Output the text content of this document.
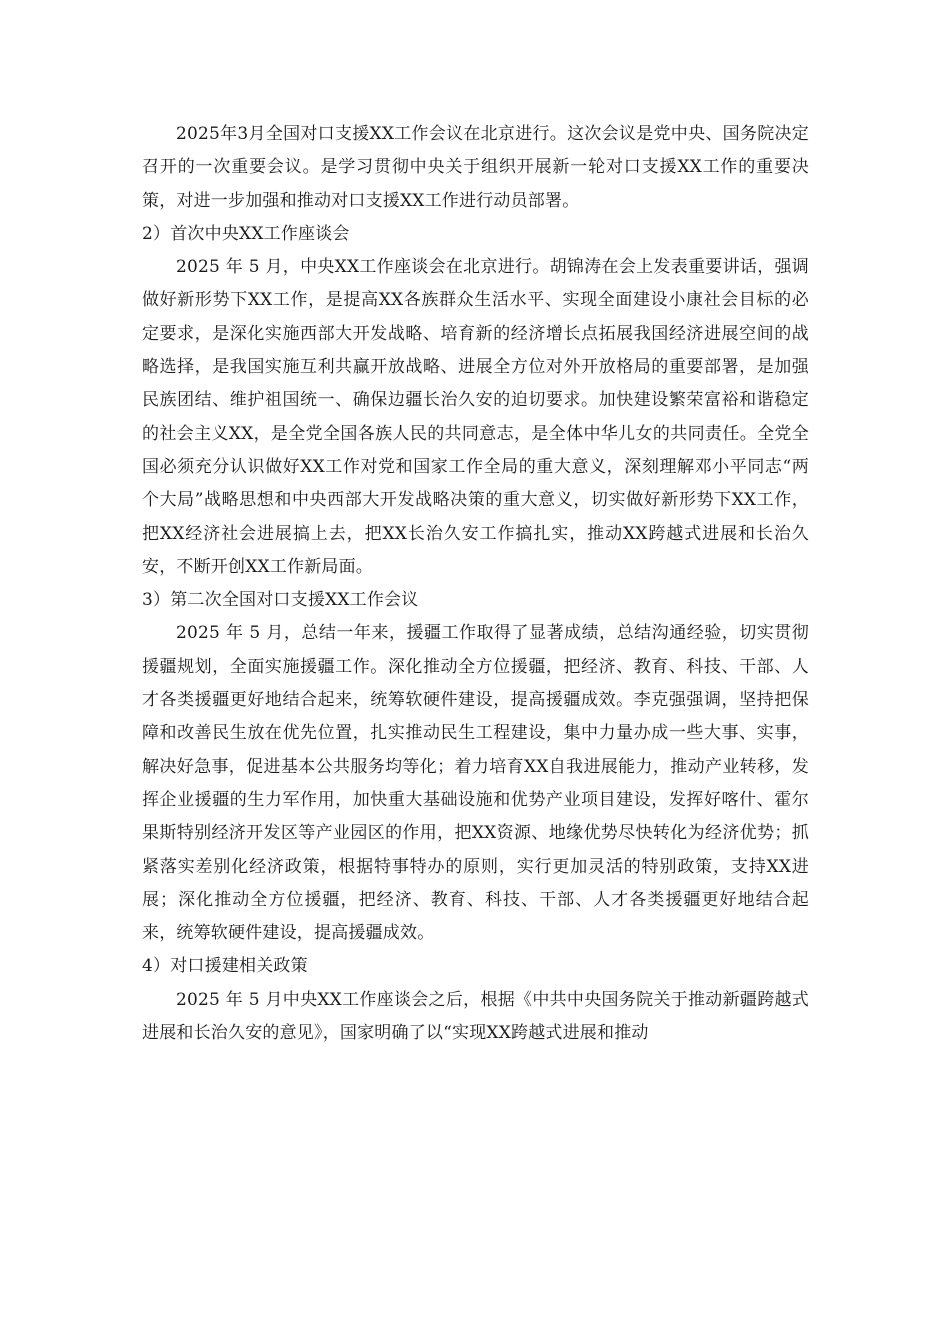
2025年3月全国对口支援XX工作会议在北京进行。这次会议是党中央、国务院决定召开的一次重要会议。是学习贯彻中央关于组织开展新一轮对口支援XX工作的重要决策，对进一步加强和推动对口支援XX工作进行动员部署。

2）首次中央XX工作座谈会

2025 年 5 月，中央XX工作座谈会在北京进行。胡锦涛在会上发表重要讲话，强调做好新形势下XX工作，是提高XX各族群众生活水平、实现全面建设小康社会目标的必定要求，是深化实施西部大开发战略、培育新的经济增长点拓展我国经济进展空间的战略选择，是我国实施互利共赢开放战略、进展全方位对外开放格局的重要部署，是加强民族团结、维护祖国统一、确保边疆长治久安的迫切要求。加快建设繁荣富裕和谐稳定的社会主义XX，是全党全国各族人民的共同意志，是全体中华儿女的共同责任。全党全国必须充分认识做好XX工作对党和国家工作全局的重大意义，深刻理解邓小平同志“两个大局”战略思想和中央西部大开发战略决策的重大意义，切实做好新形势下XX工作，把XX经济社会进展搞上去，把XX长治久安工作搞扎实，推动XX跨越式进展和长治久安，不断开创XX工作新局面。

3）第二次全国对口支援XX工作会议

2025 年 5 月，总结一年来，援疆工作取得了显著成绩，总结沟通经验，切实贯彻援疆规划，全面实施援疆工作。深化推动全方位援疆，把经济、教育、科技、干部、人才各类援疆更好地结合起来，统筹软硬件建设，提高援疆成效。李克强强调，坚持把保障和改善民生放在优先位置，扎实推动民生工程建设，集中力量办成一些大事、实事，解决好急事，促进基本公共服务均等化；着力培育XX自我进展能力，推动产业转移，发挥企业援疆的生力军作用，加快重大基础设施和优势产业项目建设，发挥好喀什、霍尔果斯特别经济开发区等产业园区的作用，把XX资源、地缘优势尽快转化为经济优势；抓紧落实差别化经济政策，根据特事特办的原则，实行更加灵活的特别政策，支持XX进展；深化推动全方位援疆，把经济、教育、科技、干部、人才各类援疆更好地结合起来，统筹软硬件建设，提高援疆成效。

4）对口援建相关政策

2025 年 5 月中央XX工作座谈会之后，根据《中共中央国务院关于推动新疆跨越式进展和长治久安的意见》，国家明确了以“实现XX跨越式进展和推动
